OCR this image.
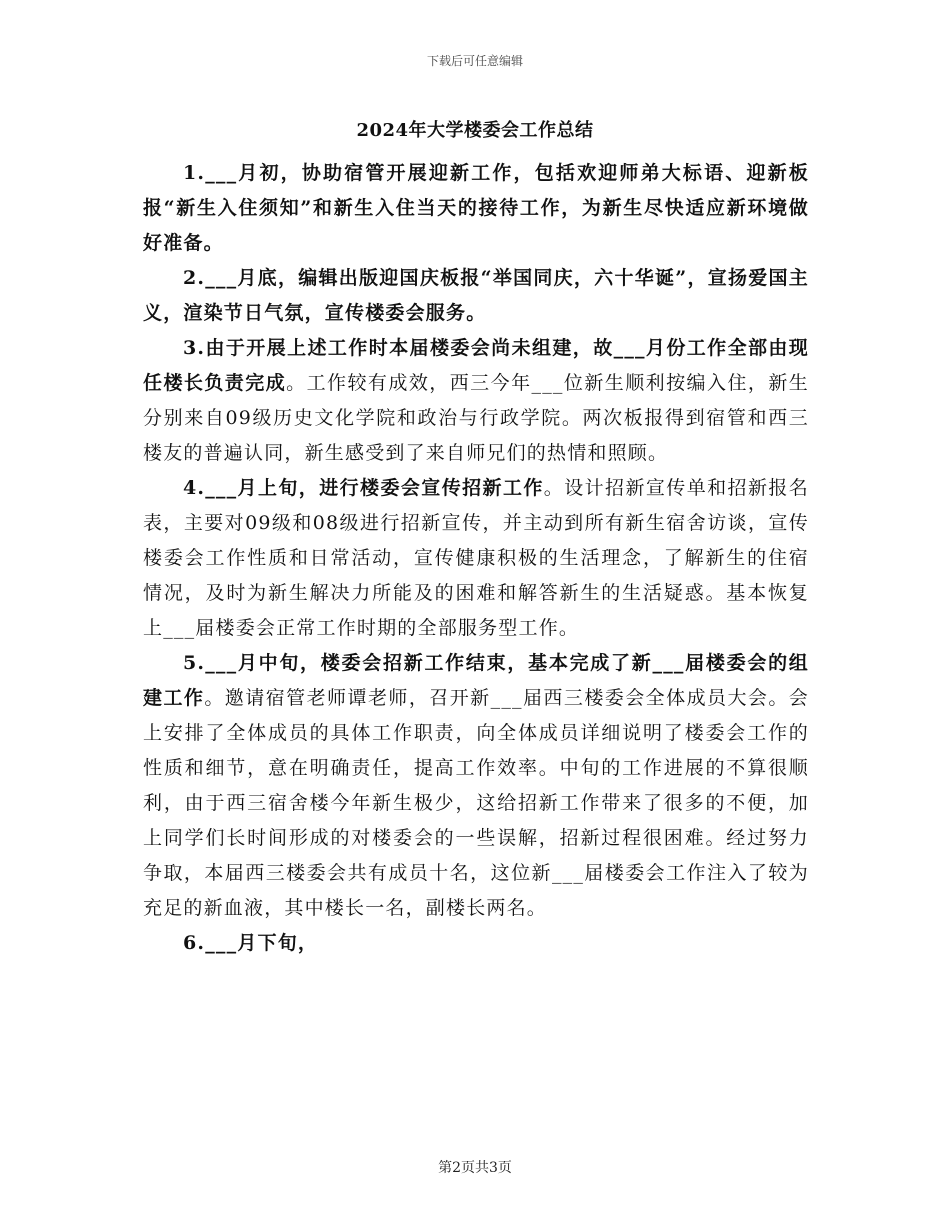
下载后可任意编辑
2024年大学楼委会工作总结

1.___月初，协助宿管开展迎新工作，包括欢迎师弟大标语、迎新板报“新生入住须知”和新生入住当天的接待工作，为新生尽快适应新环境做好准备。

2.___月底，编辑出版迎国庆板报“举国同庆，六十华诞”，宣扬爱国主义，渲染节日气氛，宣传楼委会服务。

3.由于开展上述工作时本届楼委会尚未组建，故___月份工作全部由现任楼长负责完成。工作较有成效，西三今年___位新生顺利按编入住，新生分别来自09级历史文化学院和政治与行政学院。两次板报得到宿管和西三楼友的普遍认同，新生感受到了来自师兄们的热情和照顾。

4.___月上旬，进行楼委会宣传招新工作。设计招新宣传单和招新报名表，主要对09级和08级进行招新宣传，并主动到所有新生宿舍访谈，宣传楼委会工作性质和日常活动，宣传健康积极的生活理念，了解新生的住宿情况，及时为新生解决力所能及的困难和解答新生的生活疑惑。基本恢复上___届楼委会正常工作时期的全部服务型工作。

5.___月中旬，楼委会招新工作结束，基本完成了新___届楼委会的组建工作。邀请宿管老师谭老师，召开新___届西三楼委会全体成员大会。会上安排了全体成员的具体工作职责，向全体成员详细说明了楼委会工作的性质和细节，意在明确责任，提高工作效率。中旬的工作进展的不算很顺利，由于西三宿舍楼今年新生极少，这给招新工作带来了很多的不便，加上同学们长时间形成的对楼委会的一些误解，招新过程很困难。经过努力争取，本届西三楼委会共有成员十名，这位新___届楼委会工作注入了较为充足的新血液，其中楼长一名，副楼长两名。

6.___月下旬，

第2页共3页
